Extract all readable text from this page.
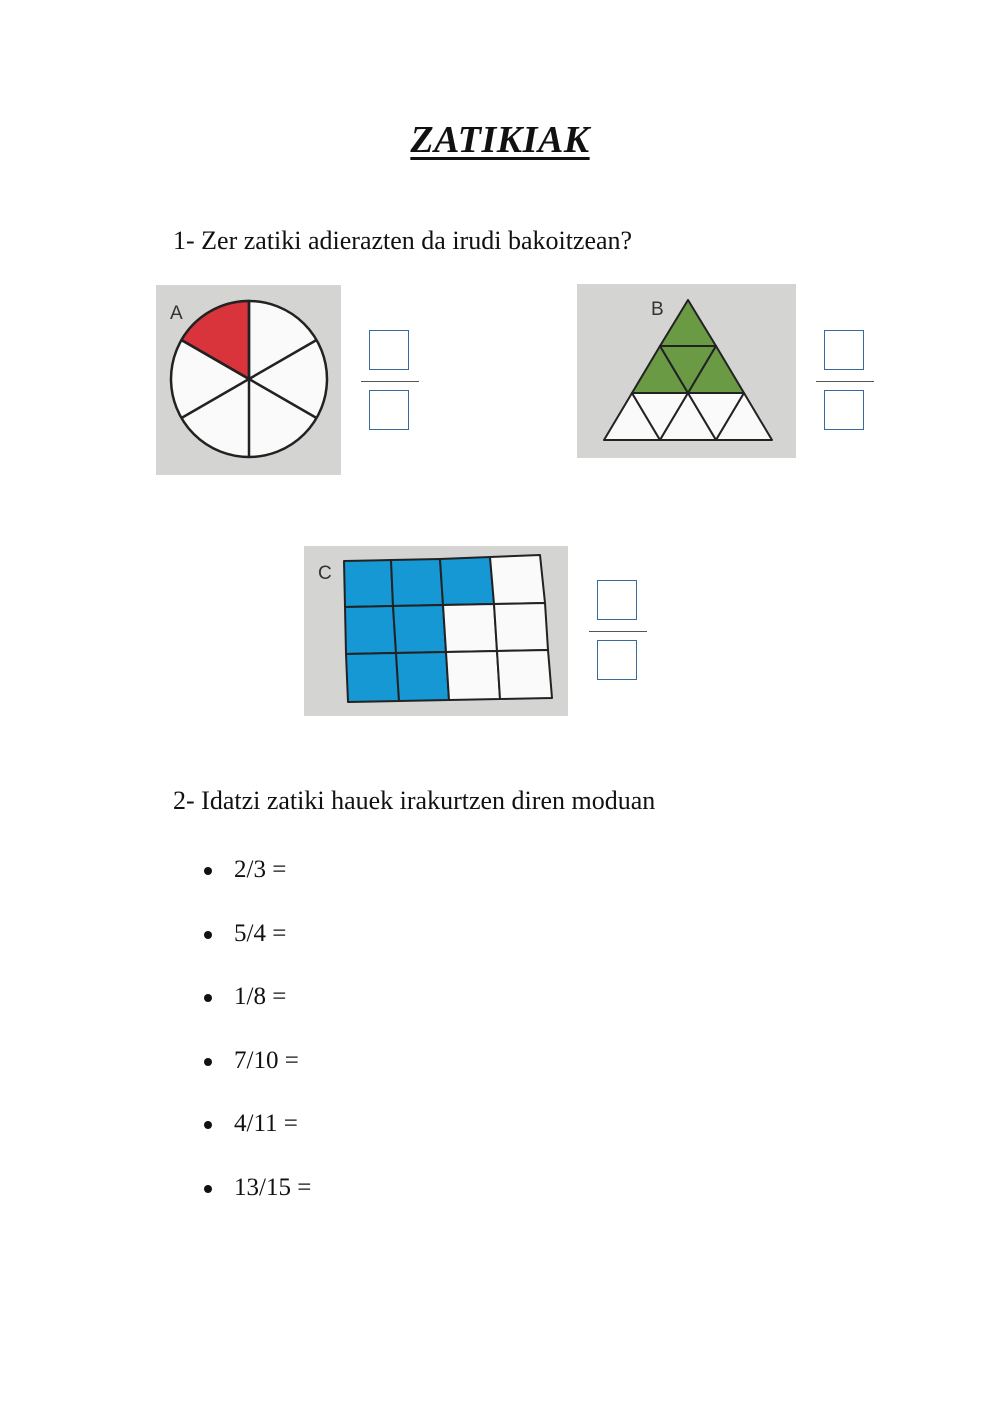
ZATIKIAK
1- Zer zatiki adierazten da irudi bakoitzean?
A	B
C
2- Idatzi zatiki hauek irakurtzen diren moduan
2/3 =
5/4 =
1/8 =
7/10 =
4/11 =
13/15 =
